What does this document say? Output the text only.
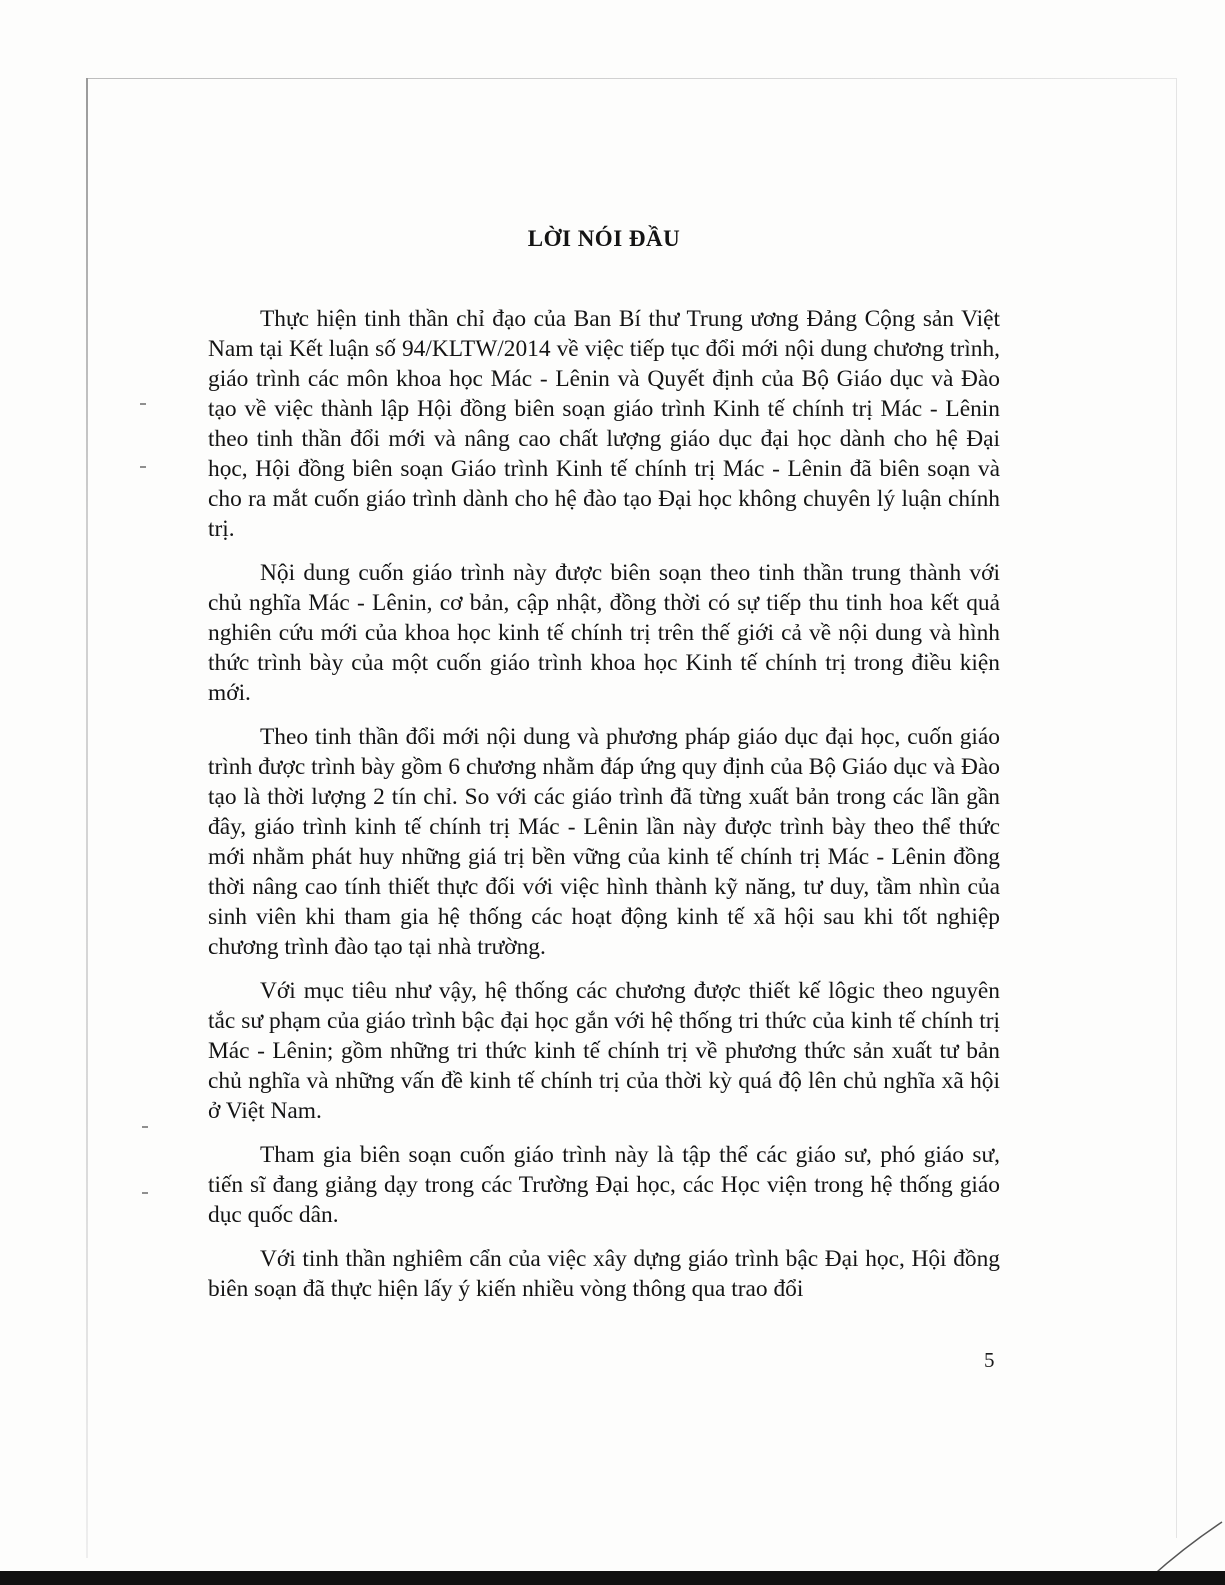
LỜI NÓI ĐẦU

Thực hiện tinh thần chỉ đạo của Ban Bí thư Trung ương Đảng Cộng sản Việt Nam tại Kết luận số 94/KLTW/2014 về việc tiếp tục đổi mới nội dung chương trình, giáo trình các môn khoa học Mác - Lênin và Quyết định của Bộ Giáo dục và Đào tạo về việc thành lập Hội đồng biên soạn giáo trình Kinh tế chính trị Mác - Lênin theo tinh thần đổi mới và nâng cao chất lượng giáo dục đại học dành cho hệ Đại học, Hội đồng biên soạn Giáo trình Kinh tế chính trị Mác - Lênin đã biên soạn và cho ra mắt cuốn giáo trình dành cho hệ đào tạo Đại học không chuyên lý luận chính trị.

Nội dung cuốn giáo trình này được biên soạn theo tinh thần trung thành với chủ nghĩa Mác - Lênin, cơ bản, cập nhật, đồng thời có sự tiếp thu tinh hoa kết quả nghiên cứu mới của khoa học kinh tế chính trị trên thế giới cả về nội dung và hình thức trình bày của một cuốn giáo trình khoa học Kinh tế chính trị trong điều kiện mới.

Theo tinh thần đổi mới nội dung và phương pháp giáo dục đại học, cuốn giáo trình được trình bày gồm 6 chương nhằm đáp ứng quy định của Bộ Giáo dục và Đào tạo là thời lượng 2 tín chỉ. So với các giáo trình đã từng xuất bản trong các lần gần đây, giáo trình kinh tế chính trị Mác - Lênin lần này được trình bày theo thể thức mới nhằm phát huy những giá trị bền vững của kinh tế chính trị Mác - Lênin đồng thời nâng cao tính thiết thực đối với việc hình thành kỹ năng, tư duy, tầm nhìn của sinh viên khi tham gia hệ thống các hoạt động kinh tế xã hội sau khi tốt nghiệp chương trình đào tạo tại nhà trường.

Với mục tiêu như vậy, hệ thống các chương được thiết kế lôgic theo nguyên tắc sư phạm của giáo trình bậc đại học gắn với hệ thống tri thức của kinh tế chính trị Mác - Lênin; gồm những tri thức kinh tế chính trị về phương thức sản xuất tư bản chủ nghĩa và những vấn đề kinh tế chính trị của thời kỳ quá độ lên chủ nghĩa xã hội ở Việt Nam.

Tham gia biên soạn cuốn giáo trình này là tập thể các giáo sư, phó giáo sư, tiến sĩ đang giảng dạy trong các Trường Đại học, các Học viện trong hệ thống giáo dục quốc dân.

Với tinh thần nghiêm cẩn của việc xây dựng giáo trình bậc Đại học, Hội đồng biên soạn đã thực hiện lấy ý kiến nhiều vòng thông qua trao đổi

5
